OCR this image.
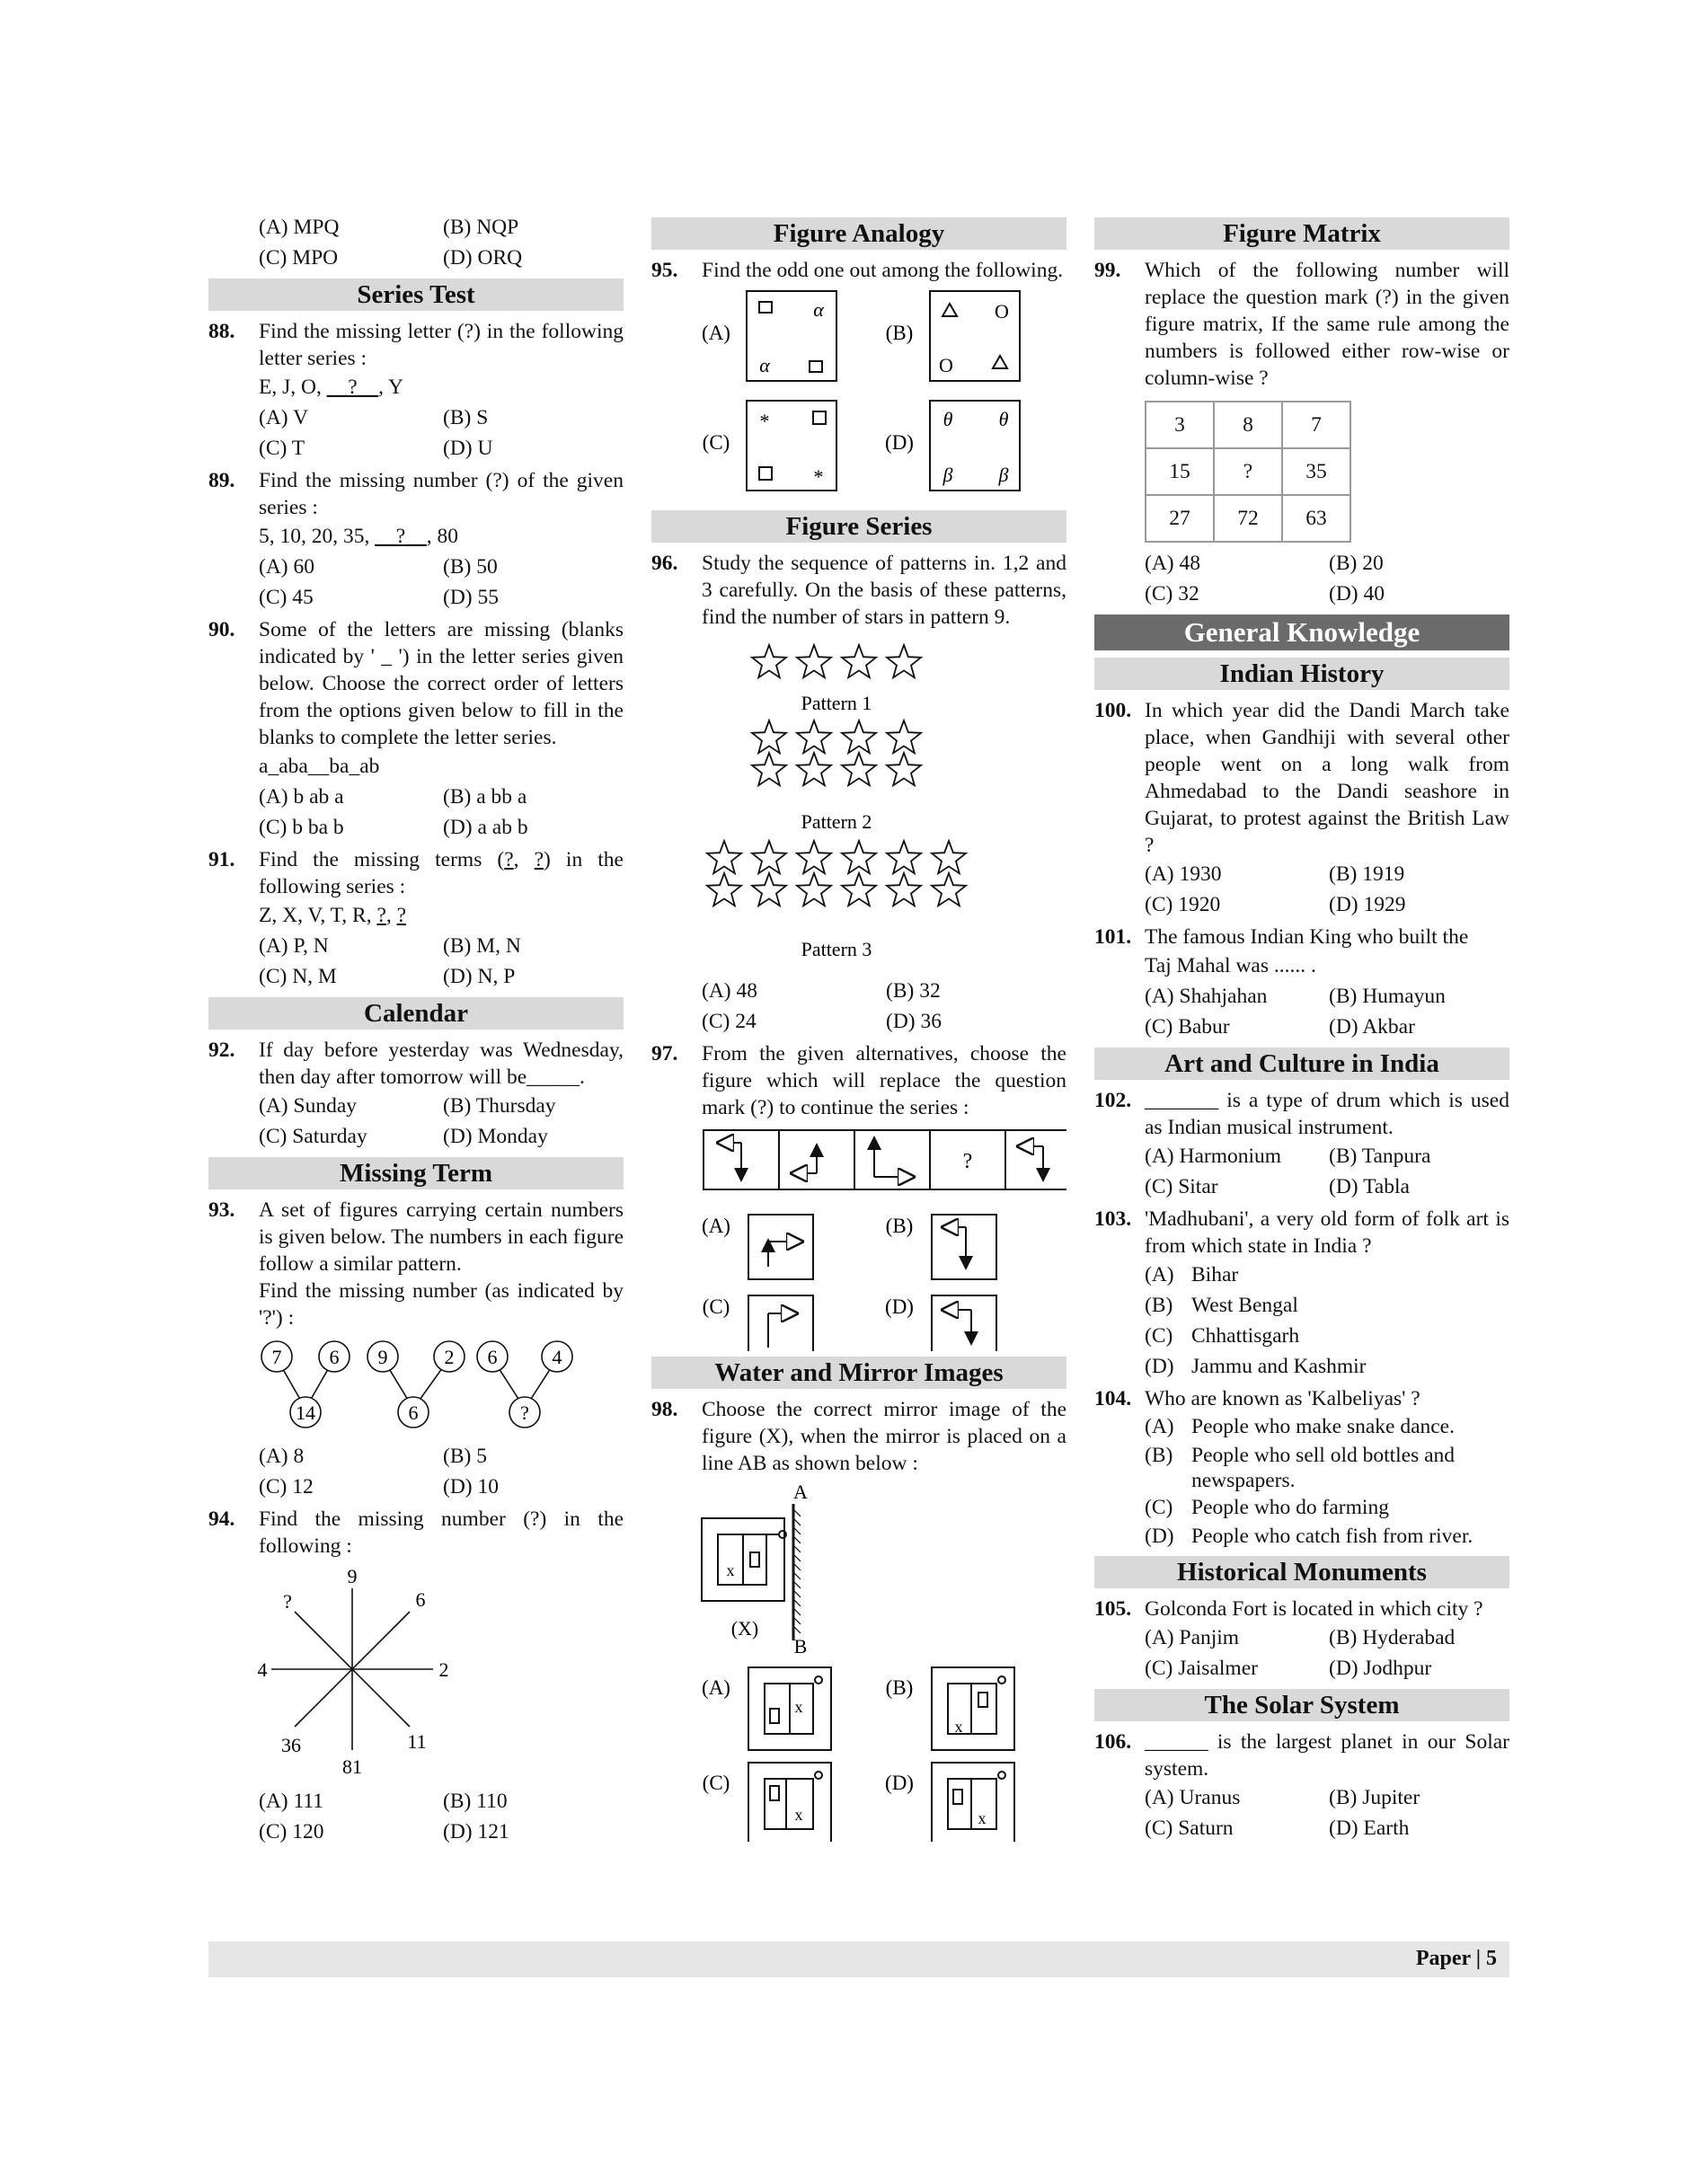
(A) MPQ	(B) NQP
(C) MPO	(D) ORQ
Series Test
88.	Find the missing letter (?) in the following letter series :
E, J, O, __?__, Y
(A) V	(B) S
(C) T	(D) U
89.	Find the missing number (?) of the given series :
5, 10, 20, 35, __?__, 80
(A) 60	(B) 50
(C) 45	(D) 55
90.	Some of the letters are missing (blanks indicated by ' _ ') in the letter series given below. Choose the correct order of letters from the options given below to fill in the blanks to complete the letter series.
a_aba__ba_ab
(A) b ab a	(B) a bb a
(C) b ba b	(D) a ab b
91.	Find the missing terms (?, ?) in the following series :
Z, X, V, T, R, ?, ?
(A) P, N	(B) M, N
(C) N, M	(D) N, P
Calendar
92.	If day before yesterday was Wednesday, then day after tomorrow will be_____.
(A) Sunday	(B) Thursday
(C) Saturday	(D) Monday
Missing Term
93.	A set of figures carrying certain numbers is given below. The numbers in each figure follow a similar pattern.
Find the missing number (as indicated by '?') :
7 6
14
9	2
6
6	4
?
(A) 8	(B) 5
(C) 12	(D) 10
94.	Find the missing number (?) in the following :
9
?	6
4	2
36
81
11
(A) 111	(B) 110
(C) 120	(D) 121
Figure Analogy
95.	Find the odd one out among the following.
(A)	(B)
(C)	(D)
α
α
O
O
*
*
θ θ
β β
Figure Series
96.	Study the sequence of patterns in. 1,2 and 3 carefully. On the basis of these patterns, find the number of stars in pattern 9.
Pattern 1
Pattern 2
Pattern 3
(A) 48	(B) 32
(C) 24	(D) 36
97.	From the given alternatives, choose the figure which will replace the question mark (?) to continue the series :
?
(A)	(B)
(C)	(D)
Water and Mirror Images
98.	Choose the correct mirror image of the figure (X), when the mirror is placed on a line AB as shown below :
A
B
(X)
x
(A)	(B)
(C)	(D)
x
x
x	x
Figure Matrix
99.	Which of the following number will replace the question mark (?) in the given figure matrix, If the same rule among the numbers is followed either row-wise or column-wise ?
3	8	7
15	?	35
27	72	63
(A) 48	(B) 20
(C) 32	(D) 40
General Knowledge
Indian History
100. In which year did the Dandi March take place, when Gandhiji with several other people went on a long walk from Ahmedabad to the Dandi seashore in Gujarat, to protest against the British Law ?
(A) 1930	(B) 1919
(C) 1920	(D) 1929
101. The famous Indian King who built the
Taj Mahal was ...... .
(A) Shahjahan	(B) Humayun
(C) Babur	(D) Akbar
Art and Culture in India
102. _______ is a type of drum which is used as Indian musical instrument.
(A) Harmonium	(B) Tanpura
(C) Sitar	(D) Tabla
103. 'Madhubani', a very old form of folk art is from which state in India ?
(A) Bihar
(B) West Bengal
(C) Chhattisgarh
(D) Jammu and Kashmir
104. Who are known as 'Kalbeliyas' ?
(A) People who make snake dance.
(B) People who sell old bottles and newspapers.
(C) People who do farming
(D) People who catch fish from river.
Historical Monuments
105. Golconda Fort is located in which city ?
(A) Panjim	(B) Hyderabad
(C) Jaisalmer	(D) Jodhpur
The Solar System
106. ______ is the largest planet in our Solar system.
(A) Uranus	(B) Jupiter
(C) Saturn	(D) Earth
Paper | 5
